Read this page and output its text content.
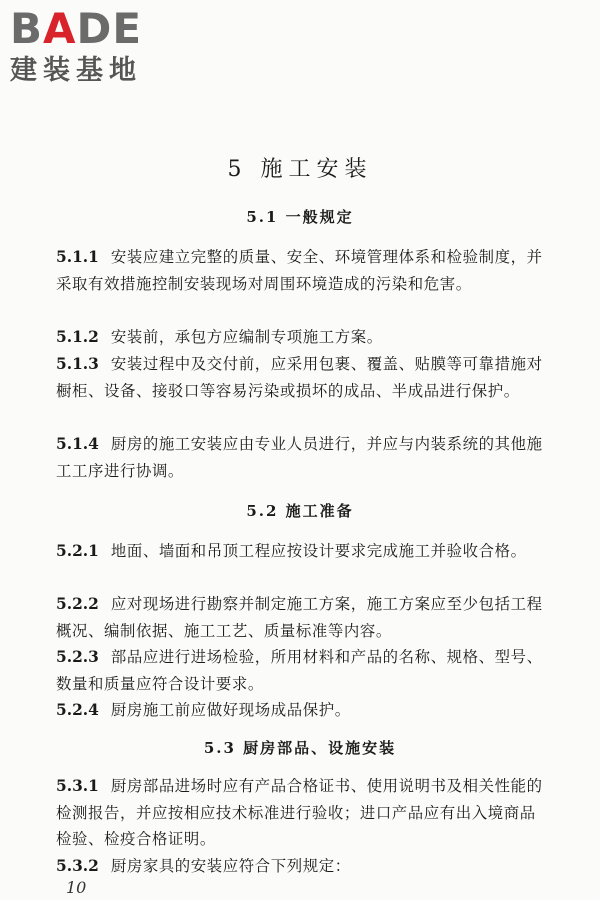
BADE
建装基地
5 施工安装
5.1 一般规定
5.1.1 安装应建立完整的质量、安全、环境管理体系和检验制度，并采取有效措施控制安装现场对周围环境造成的污染和危害。
5.1.2 安装前，承包方应编制专项施工方案。
5.1.3 安装过程中及交付前，应采用包裹、覆盖、贴膜等可靠措施对橱柜、设备、接驳口等容易污染或损坏的成品、半成品进行保护。
5.1.4 厨房的施工安装应由专业人员进行，并应与内装系统的其他施工工序进行协调。
5.2 施工准备
5.2.1 地面、墙面和吊顶工程应按设计要求完成施工并验收合格。
5.2.2 应对现场进行勘察并制定施工方案，施工方案应至少包括工程概况、编制依据、施工工艺、质量标准等内容。
5.2.3 部品应进行进场检验，所用材料和产品的名称、规格、型号、数量和质量应符合设计要求。
5.2.4 厨房施工前应做好现场成品保护。
5.3 厨房部品、设施安装
5.3.1 厨房部品进场时应有产品合格证书、使用说明书及相关性能的检测报告，并应按相应技术标准进行验收；进口产品应有出入境商品检验、检疫合格证明。
5.3.2 厨房家具的安装应符合下列规定：
10
